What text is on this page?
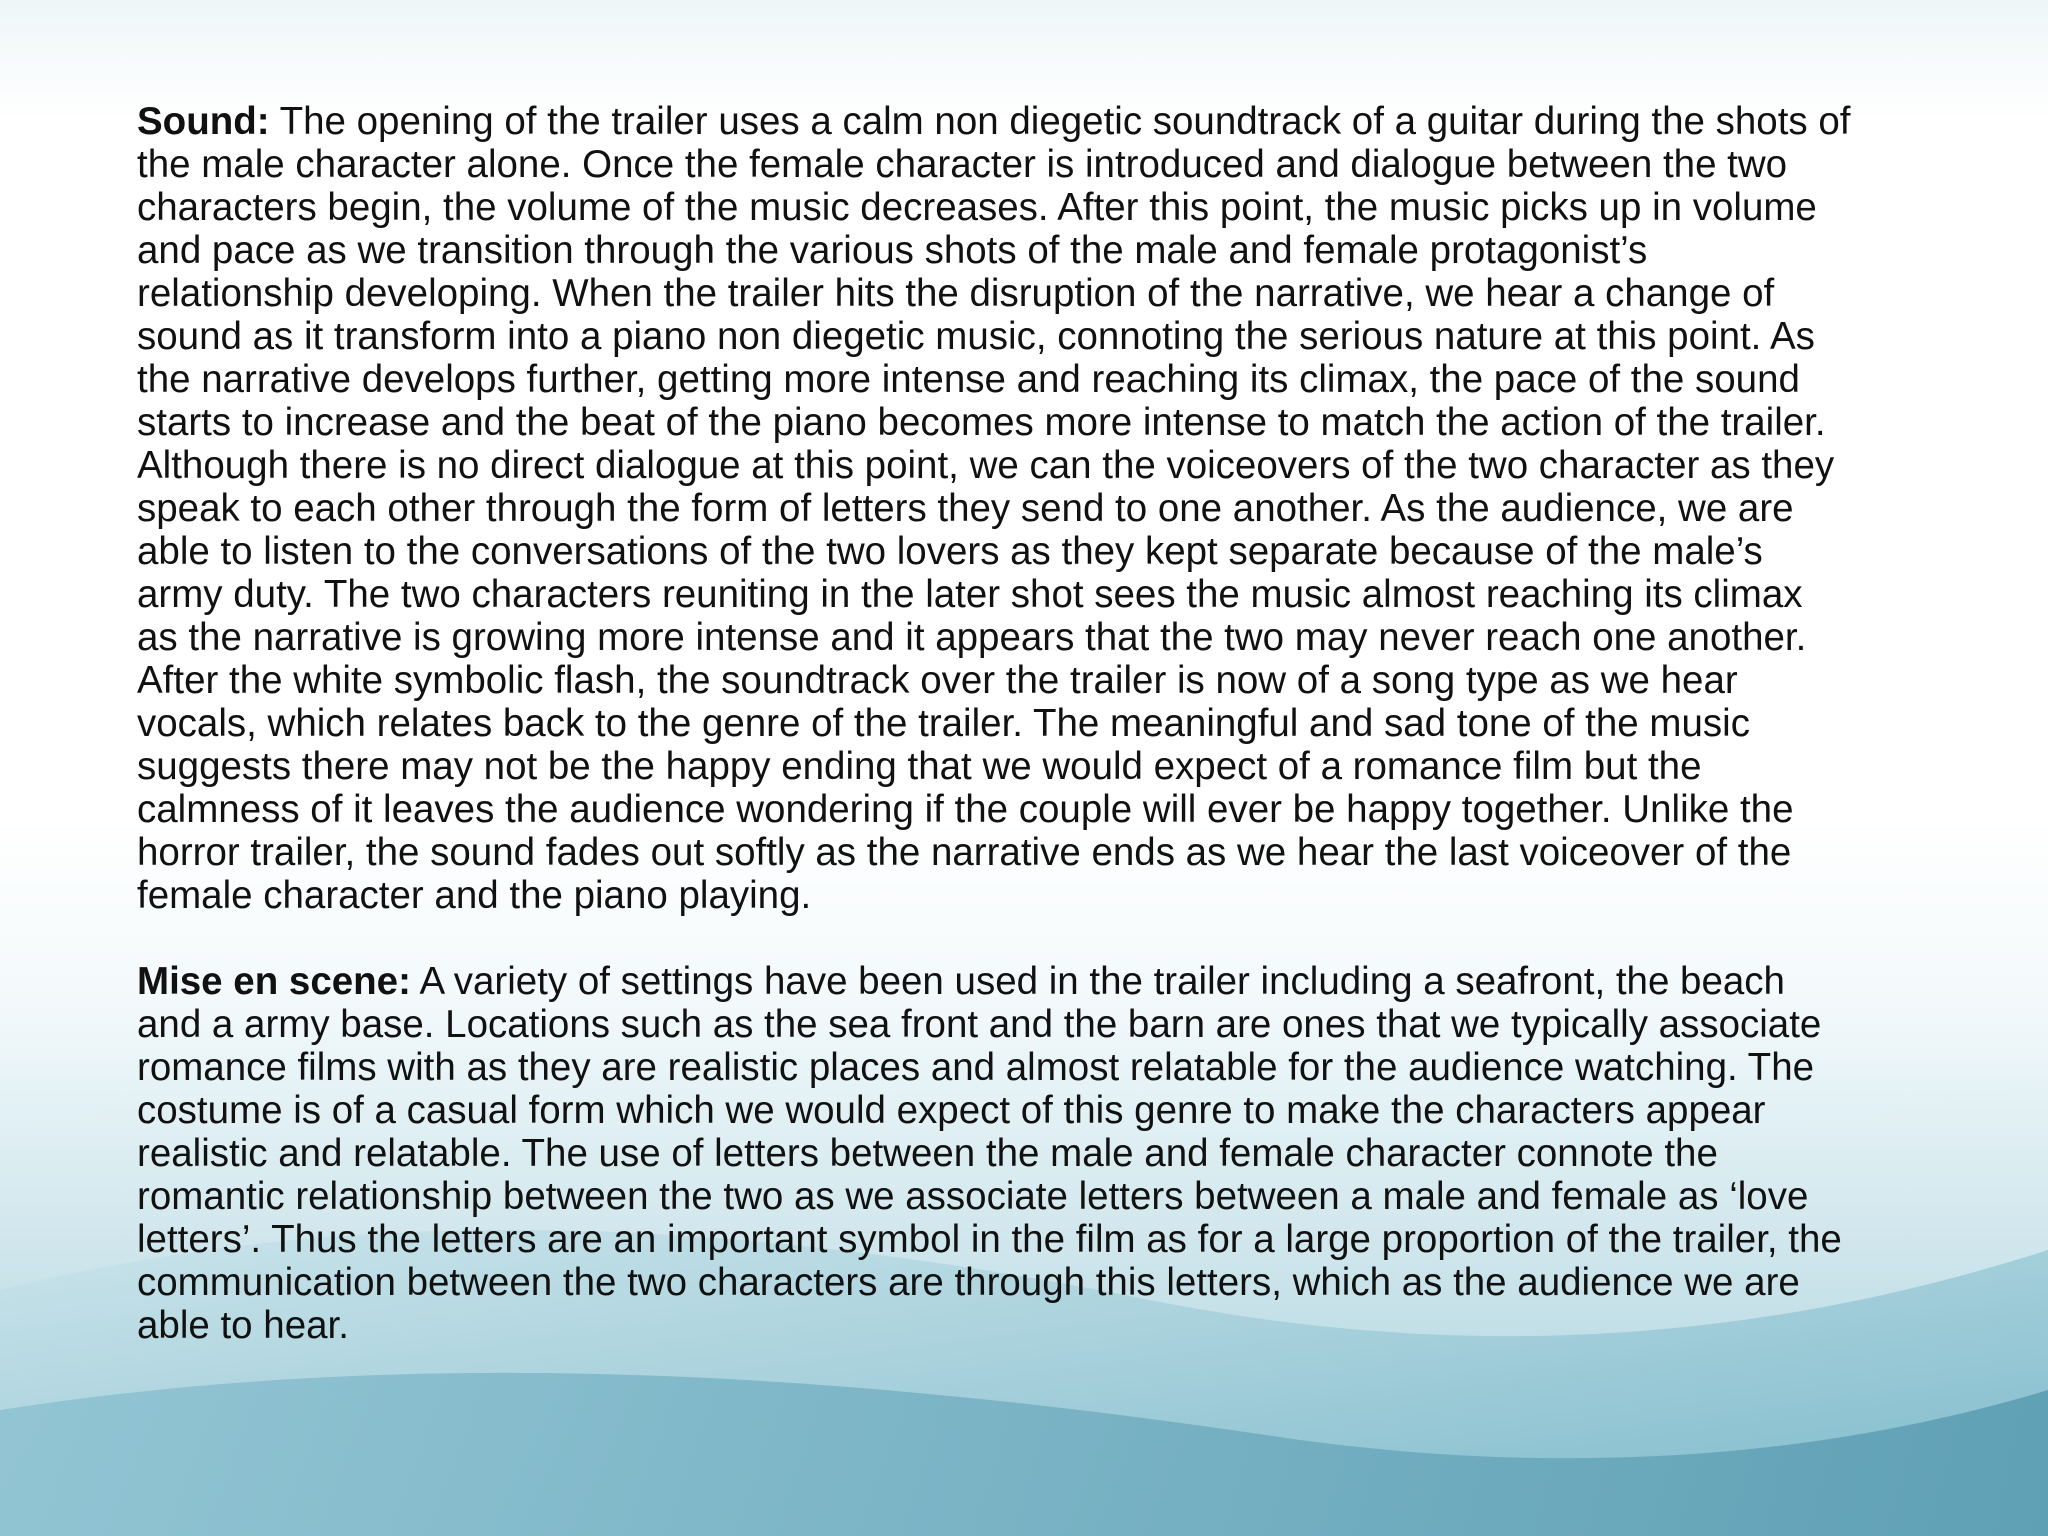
Sound: The opening of the trailer uses a calm non diegetic soundtrack of a guitar during the shots of
the male character alone. Once the female character is introduced and dialogue between the two
characters begin, the volume of the music decreases. After this point, the music picks up in volume
and pace as we transition through the various shots of the male and female protagonist’s
relationship developing. When the trailer hits the disruption of the narrative, we hear a change of
sound as it transform into a piano non diegetic music, connoting the serious nature at this point. As
the narrative develops further, getting more intense and reaching its climax, the pace of the sound
starts to increase and the beat of the piano becomes more intense to match the action of the trailer.
Although there is no direct dialogue at this point, we can the voiceovers of the two character as they
speak to each other through the form of letters they send to one another. As the audience, we are
able to listen to the conversations of the two lovers as they kept separate because of the male’s
army duty. The two characters reuniting in the later shot sees the music almost reaching its climax
as the narrative is growing more intense and it appears that the two may never reach one another.
After the white symbolic flash, the soundtrack over the trailer is now of a song type as we hear
vocals, which relates back to the genre of the trailer. The meaningful and sad tone of the music
suggests there may not be the happy ending that we would expect of a romance film but the
calmness of it leaves the audience wondering if the couple will ever be happy together. Unlike the
horror trailer, the sound fades out softly as the narrative ends as we hear the last voiceover of the
female character and the piano playing.

Mise en scene: A variety of settings have been used in the trailer including a seafront, the beach
and a army base. Locations such as the sea front and the barn are ones that we typically associate
romance films with as they are realistic places and almost relatable for the audience watching. The
costume is of a casual form which we would expect of this genre to make the characters appear
realistic and relatable. The use of letters between the male and female character connote the
romantic relationship between the two as we associate letters between a male and female as ‘love
letters’. Thus the letters are an important symbol in the film as for a large proportion of the trailer, the
communication between the two characters are through this letters, which as the audience we are
able to hear.
